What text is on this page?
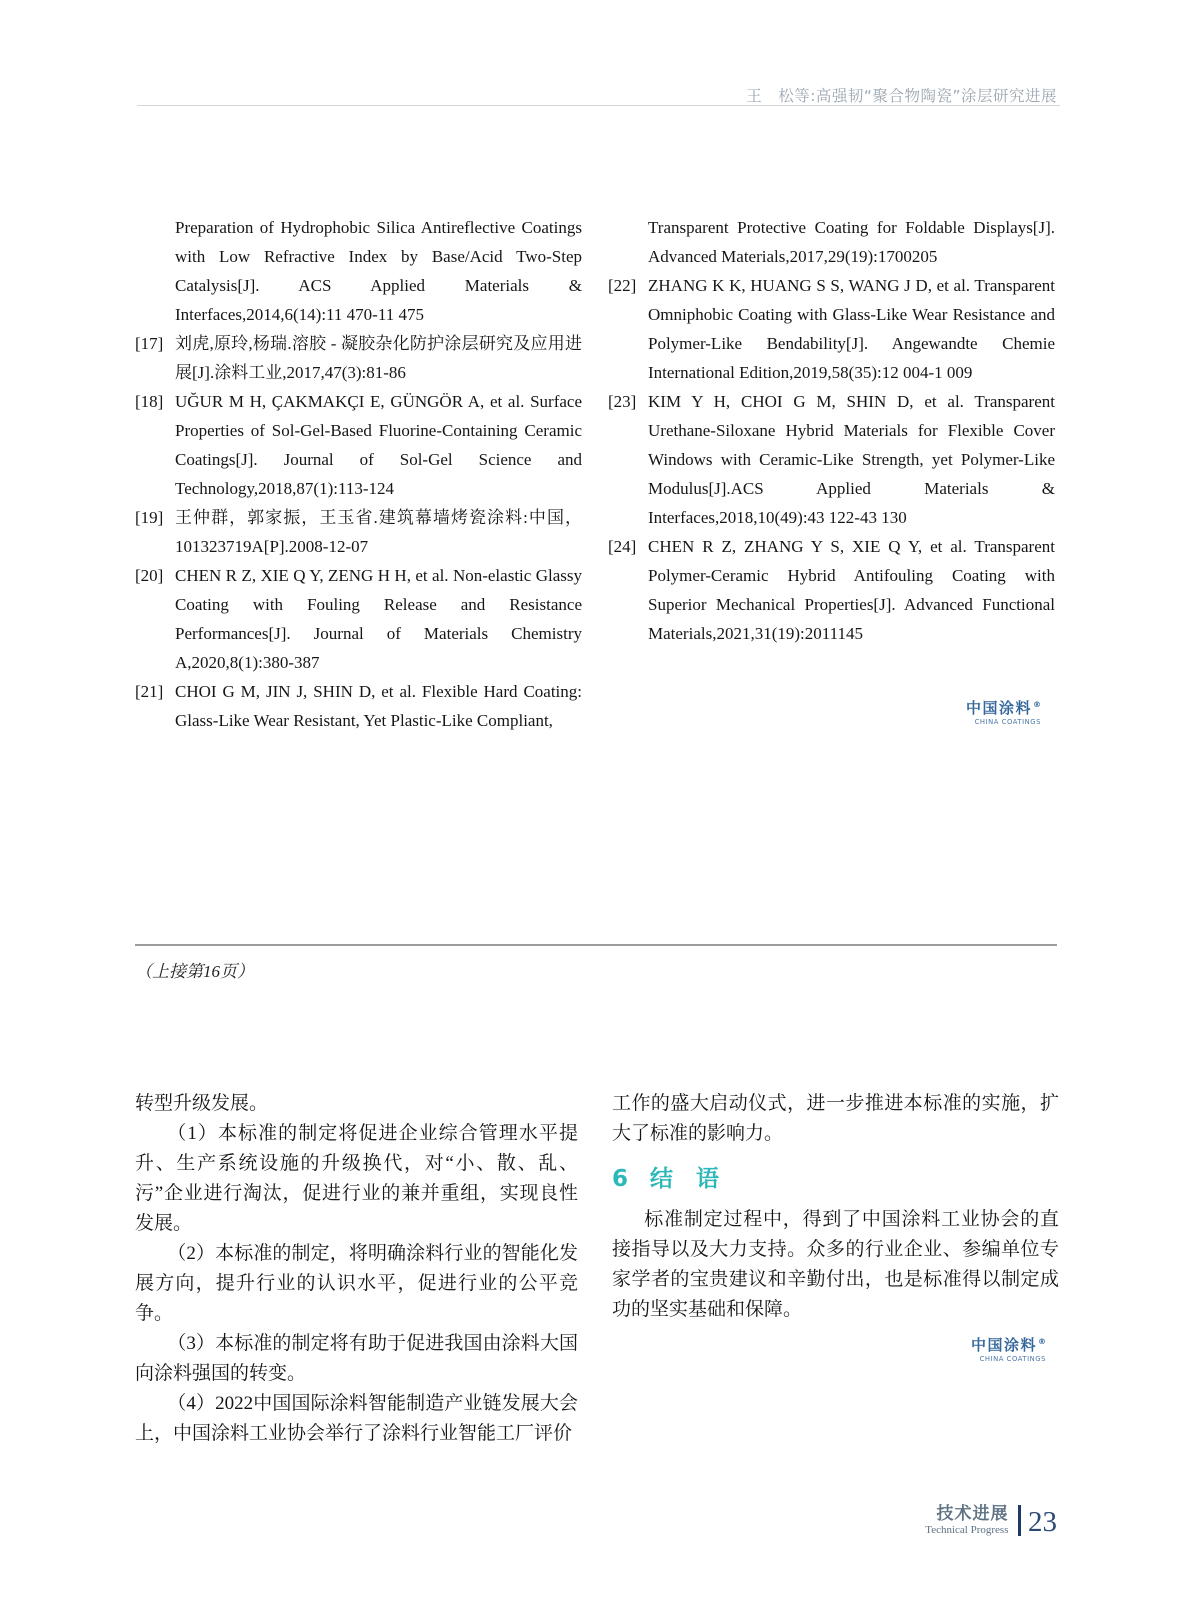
王　松等:高强韧“聚合物陶瓷”涂层研究进展
Preparation of Hydrophobic Silica Antireflective Coatings with Low Refractive Index by Base/Acid Two-Step Catalysis[J]. ACS Applied Materials & Interfaces,2014,6(14):11 470-11 475
[17] 刘虎,原玲,杨瑞.溶胶 - 凝胶杂化防护涂层研究及应用进展[J].涂料工业,2017,47(3):81-86
[18] UĞUR M H, ÇAKMAKÇI E, GÜNGÖR A, et al. Surface Properties of Sol-Gel-Based Fluorine-Containing Ceramic Coatings[J]. Journal of Sol-Gel Science and Technology,2018,87(1):113-124
[19] 王仲群，郭家振，王玉省.建筑幕墙烤瓷涂料:中国，101323719A[P].2008-12-07
[20] CHEN R Z, XIE Q Y, ZENG H H, et al. Non-elastic Glassy Coating with Fouling Release and Resistance Performances[J]. Journal of Materials Chemistry A,2020,8(1):380-387
[21] CHOI G M, JIN J, SHIN D, et al. Flexible Hard Coating: Glass-Like Wear Resistant, Yet Plastic-Like Compliant,
Transparent Protective Coating for Foldable Displays[J]. Advanced Materials,2017,29(19):1700205
[22] ZHANG K K, HUANG S S, WANG J D, et al. Transparent Omniphobic Coating with Glass-Like Wear Resistance and Polymer-Like Bendability[J]. Angewandte Chemie International Edition,2019,58(35):12 004-1 009
[23] KIM Y H, CHOI G M, SHIN D, et al. Transparent Urethane-Siloxane Hybrid Materials for Flexible Cover Windows with Ceramic-Like Strength, yet Polymer-Like Modulus[J].ACS Applied Materials & Interfaces,2018,10(49):43 122-43 130
[24] CHEN R Z, ZHANG Y S, XIE Q Y, et al. Transparent Polymer-Ceramic Hybrid Antifouling Coating with Superior Mechanical Properties[J]. Advanced Functional Materials,2021,31(19):2011145
中国涂料®
CHINA COATINGS
（上接第16页）

转型升级发展。

（1）本标准的制定将促进企业综合管理水平提升、生产系统设施的升级换代，对“小、散、乱、污”企业进行淘汰，促进行业的兼并重组，实现良性发展。

（2）本标准的制定，将明确涂料行业的智能化发展方向，提升行业的认识水平，促进行业的公平竞争。

（3）本标准的制定将有助于促进我国由涂料大国向涂料强国的转变。

（4）2022中国国际涂料智能制造产业链发展大会上，中国涂料工业协会举行了涂料行业智能工厂评价

工作的盛大启动仪式，进一步推进本标准的实施，扩大了标准的影响力。

6 结　语

标准制定过程中，得到了中国涂料工业协会的直接指导以及大力支持。众多的行业企业、参编单位专家学者的宝贵建议和辛勤付出，也是标准得以制定成功的坚实基础和保障。

中国涂料®
CHINA COATINGS
技术进展
Technical Progress 23
